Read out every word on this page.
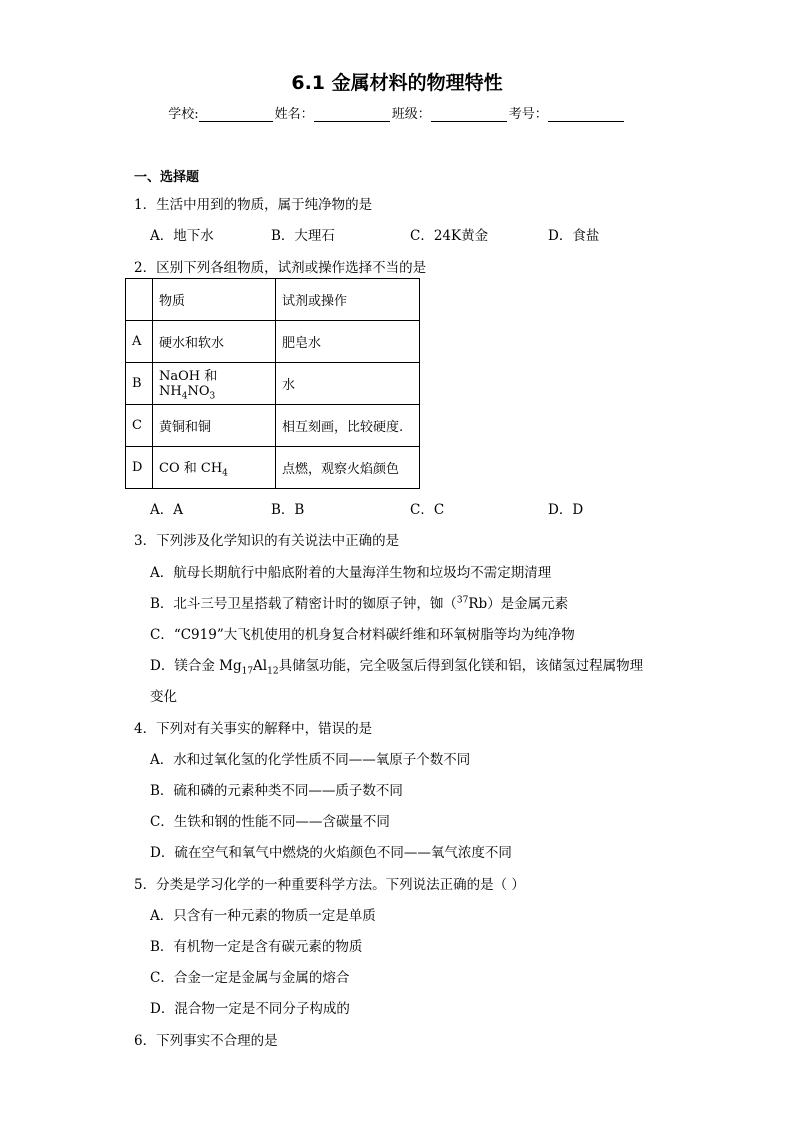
6.1 金属材料的物理特性
学校:	姓名：	班级：	考号：
一、选择题
1．生活中用到的物质，属于纯净物的是
A．地下水	B．大理石	C．24K黄金	D．食盐
2．区别下列各组物质，试剂或操作选择不当的是
	物质	试剂或操作
A	硬水和软水	肥皂水
B	NaOH 和 $NH_4NO_3$	水
C	黄铜和铜	相互刻画，比较硬度.
D	CO 和 $CH_4$	点燃，观察火焰颜色
A．A	B．B	C．C	D．D
3．下列涉及化学知识的有关说法中正确的是
A．航母长期航行中船底附着的大量海洋生物和垃圾均不需定期清理
B．北斗三号卫星搭载了精密计时的铷原子钟，铷（$^{37}$Rb）是金属元素
C．“C919”大飞机使用的机身复合材料碳纤维和环氧树脂等均为纯净物
D．镁合金 $Mg_{17}Al_{12}$具储氢功能，完全吸氢后得到氢化镁和铝，该储氢过程属物理
变化
4．下列对有关事实的解释中，错误的是
A．水和过氧化氢的化学性质不同——氧原子个数不同
B．硫和磷的元素种类不同——质子数不同
C．生铁和钢的性能不同——含碳量不同
D．硫在空气和氧气中燃烧的火焰颜色不同——氧气浓度不同
5．分类是学习化学的一种重要科学方法。下列说法正确的是（ ）
A．只含有一种元素的物质一定是单质
B．有机物一定是含有碳元素的物质
C．合金一定是金属与金属的熔合
D．混合物一定是不同分子构成的
6．下列事实不合理的是
